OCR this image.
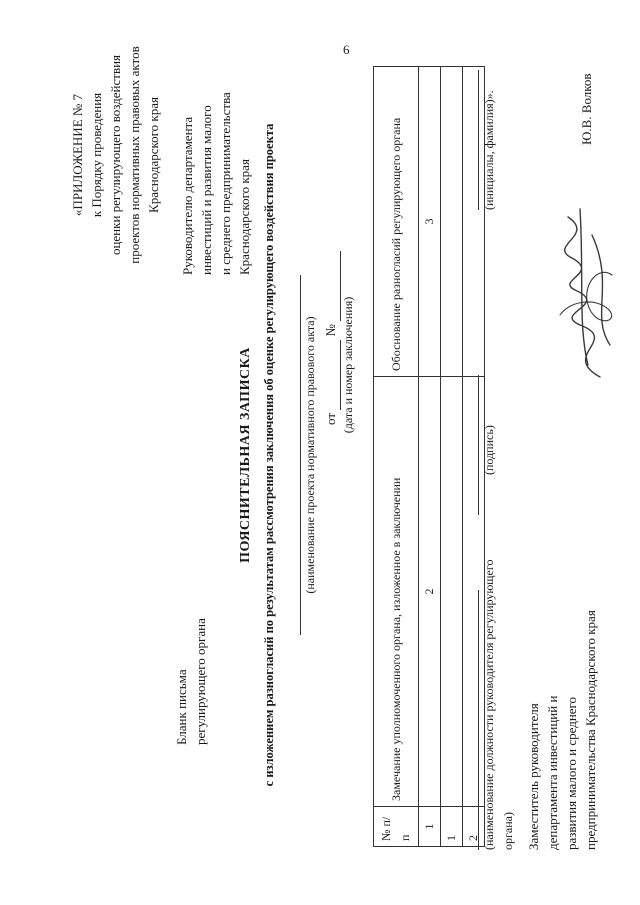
6
«ПРИЛОЖЕНИЕ № 7 к Порядку проведения оценки регулирующего воздействия проектов нормативных правовых актов Краснодарского края Руководителю департамента инвестиций и развития малого и среднего предпринимательства Краснодарского края
Бланк письма регулирующего органа
ПОЯСНИТЕЛЬНАЯ ЗАПИСКА с изложением разногласий по результатам рассмотрения заключения об оценке регулирующего воздействия проекта (наименование проекта нормативного правового акта) от   № (дата и номер заключения)
№ п/п	Замечание уполномоченного органа, изложенное в заключении	Обоснование разногласий регулирующего органа
1	2	3
1		
2		(наименование должности руководителя регулирующего органа)
(подпись)
(инициалы, фамилия)».
Заместитель руководителя департамента инвестиций и развития малого и среднего предпринимательства Краснодарского края
Ю.В. Волков
